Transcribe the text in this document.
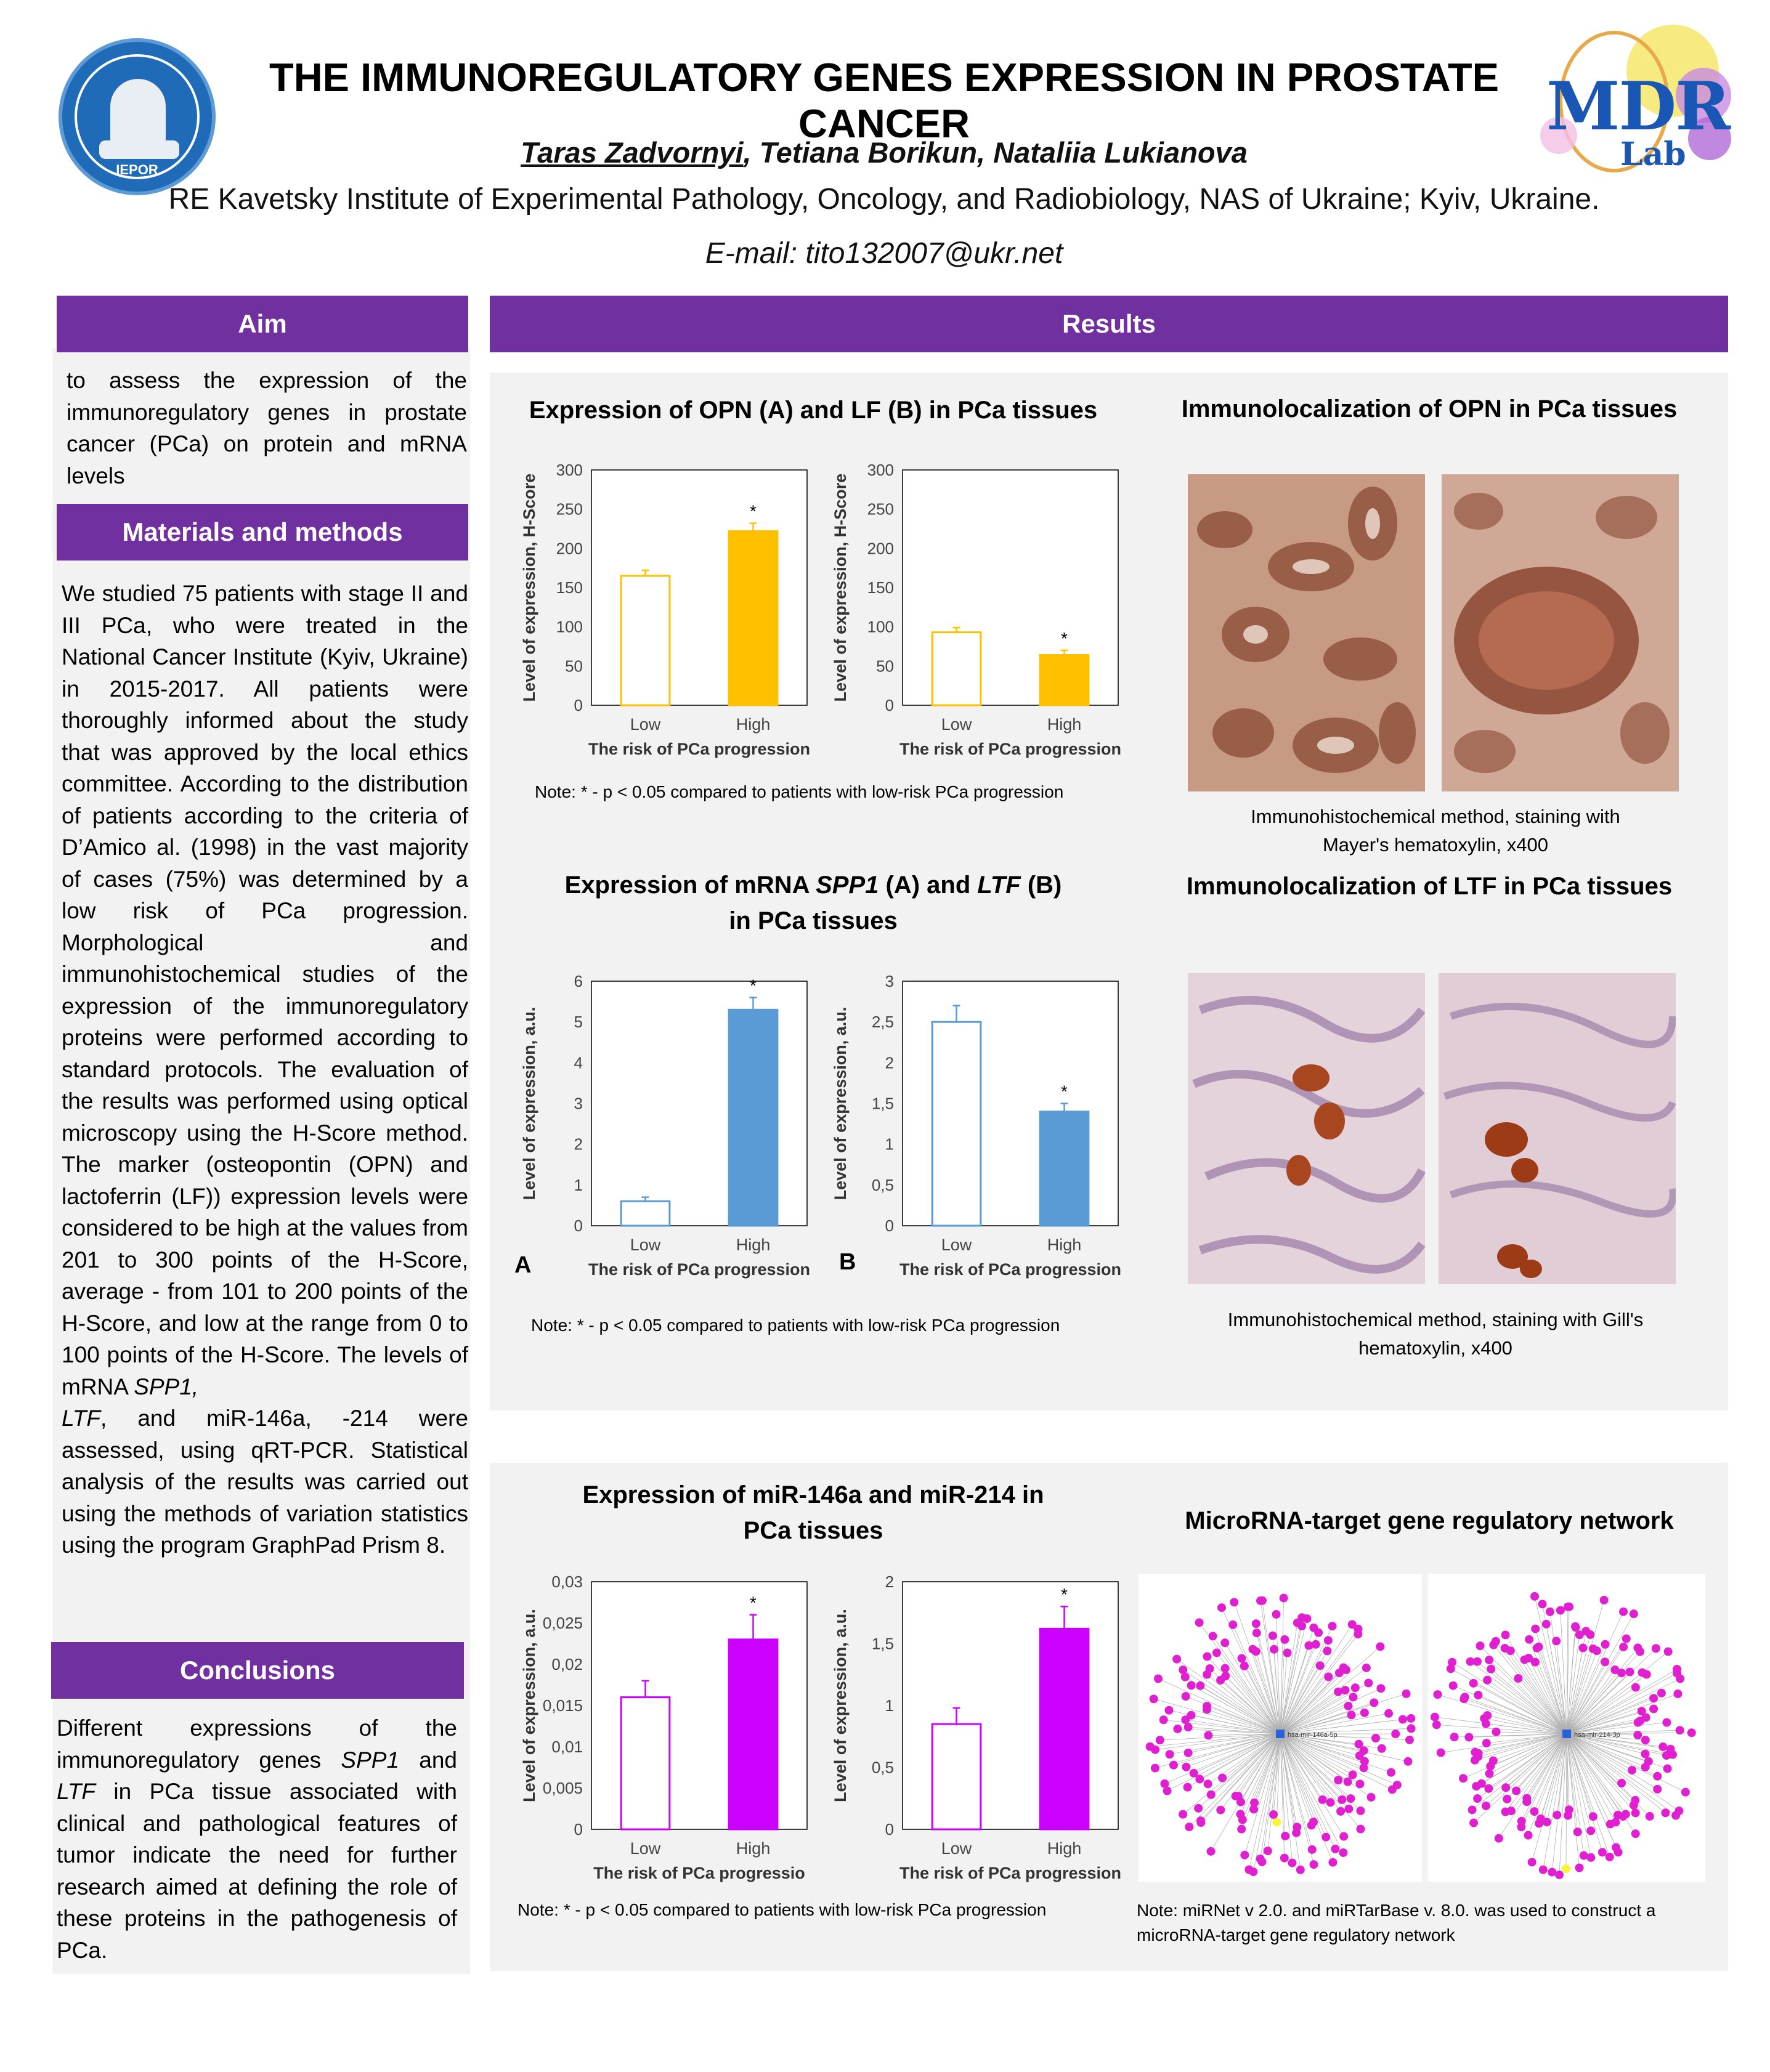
IEPOR
THE IMMUNOREGULATORY GENES EXPRESSION IN PROSTATE CANCER
Taras Zadvornyi, Tetiana Borikun, Nataliia Lukianova
RE Kavetsky Institute of Experimental Pathology, Oncology, and Radiobiology, NAS of Ukraine; Kyiv, Ukraine.
E-mail: tito132007@ukr.net
MDR
Lab
Aim
to assess the expression of the immunoregulatory genes in prostate cancer (PCa) on protein and mRNA levels
Materials and methods
We studied 75 patients with stage II and III PCa, who were treated in the National Cancer Institute (Kyiv, Ukraine) in 2015-2017. All patients were thoroughly informed about the study that was approved by the local ethics committee. According to the distribution of patients according to the criteria of D’Amico al. (1998) in the vast majority of cases (75%) was determined by a low risk of PCa progression. Morphological and immunohistochemical studies of the expression of the immunoregulatory proteins were performed according to standard protocols. The evaluation of the results was performed using optical microscopy using the H-Score method. The marker (osteopontin (OPN) and lactoferrin (LF)) expression levels were considered to be high at the values from 201 to 300 points of the H-Score, average - from 101 to 200 points of the H-Score, and low at the range from 0 to 100 points of the H-Score. The levels of mRNA SPP1,
LTF, and miR-146a, -214 were assessed, using qRT-PCR. Statistical analysis of the results was carried out using the methods of variation statistics using the program GraphPad Prism 8.
Conclusions
Different expressions of the immunoregulatory genes SPP1 and LTF in PCa tissue associated with clinical and pathological features of tumor indicate the need for further research aimed at defining the role of these proteins in the pathogenesis of PCa.
Results
Expression of OPN (A) and LF (B) in PCa tissues
Expression of mRNA SPP1 (A) and LTF (B)
in PCa tissues
Expression of miR-146a and miR-214 in
PCa tissues
Immunolocalization of OPN in PCa tissues
Immunolocalization of LTF in PCa tissues
MicroRNA-target gene regulatory network
0
50
100
150
200
250
300
Low
*
High
The risk of PCa progression
Level of expression, H-Score
0
50
100
150
200
250
300
Low
*
High
The risk of PCa progression
Level of expression, H-Score
0
1
2
3
4
5
6
Low
*
High
The risk of PCa progression
Level of expression, a.u.
0
0,5
1
1,5
2
2,5
3
Low
*
High
The risk of PCa progression
Level of expression, a.u.
0
0,005
0,01
0,015
0,02
0,025
0,03
Low
*
High
The risk of PCa progressio
Level of expression, a.u.
0
0,5
1
1,5
2
Low
*
High
The risk of PCa progression
Level of expression, a.u.
A	B
Note: * - p < 0.05 compared to patients with low-risk PCa progression
Note: * - p < 0.05 compared to patients with low-risk PCa progression
Note: * - p < 0.05 compared to patients with low-risk PCa progression
Immunohistochemical method, staining with
Mayer's hematoxylin, x400
Immunohistochemical method, staining with Gill's
hematoxylin, x400
hsa-mir-146a-5p	hsa-mir-214-3p
Note: miRNet v 2.0. and miRTarBase v. 8.0. was used to construct a
microRNA-target gene regulatory network
